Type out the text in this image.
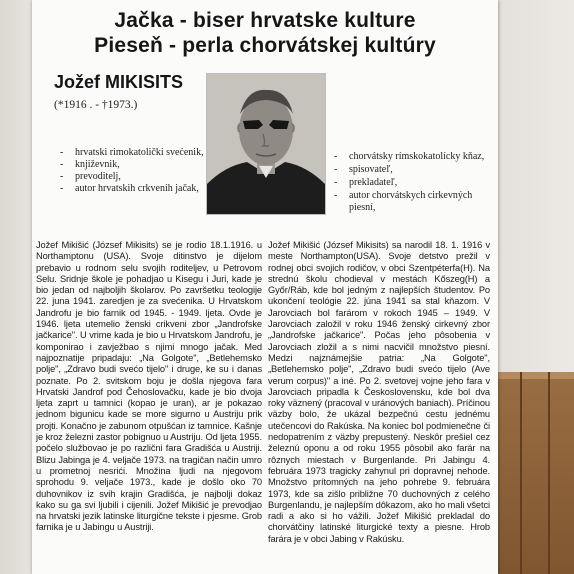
Jačka - biser hrvatske kulture
Pieseň - perla chorvátskej kultúry
Jožef MIKISITS
(*1916 . - †1973.)
- hrvatski rimokatolički svećenik,
- književnik,
- prevoditelj,
- autor hrvatskih crkvenih jačak,
- chorvátsky rímskokatolícky kňaz,
- spisovateľ,
- prekladateľ,
- autor chorvátskych cirkevných piesní,
Jožef Mikišić (József Mikisits) se je rodio 18.1.1916. u Northamptonu (USA). Svoje ditinstvo je dijelom prebavio u rodnom selu svojih roditeljev, u Petrovom Selu. Sridnje škole je pohadjao u Kisegu i Juri, kade je bio jedan od najboljih školarov. Po završetku teologije 22. juna 1941. zaredjen je za svećenika. U Hrvatskom Jandrofu je bio farnik od 1945. - 1949. ljeta. Ovde je 1946. ljeta utemelio ženski crikveni zbor „Jandrofske jačkarice". U vrime kada je bio u Hrvatskom Jandrofu, je komponirao i zavježbao s njimi mnogo jačak. Med najpoznatije pripadaju: „Na Golgote", „Betlehemsko polje", „Zdravo budi svećo tijelo" i druge, ke su i danas poznate. Po 2. svitskom boju je došla njegova fara Hrvatski Jandrof pod Čehoslovačku, kade je bio dvoja ljeta zaprt u tamnici (kopao je uran), ar je pokazao jednom bigunicu kade se more sigurno u Austriju prik projti. Konačno je zabunom otpušćan iz tamnice. Kašnje je kroz železni zastor pobignuo u Austriju. Od ljeta 1955. počelo službovao je po različni fara Gradišća u Austriji. Blizu Jabinga je 4. veljače 1973. na tragičan način umro u prometnoj nesrići. Množina ljudi na njegovom sprohodu 9. veljače 1973., kade je došlo oko 70 duhovnikov iz svih krajin Gradišća, je najbolji dokaz kako su ga svi ljubili i cijenili. Jožef Mikišić je prevodjao na hrvatski jezik latinske liturgične tekste i pjesme. Grob farnika je u Jabingu u Austriji.
Jožef Mikišić (József Mikisits) sa narodil 18. 1. 1916 v meste Northampton(USA). Svoje detstvo prežil v rodnej obci svojich rodičov, v obci Szentpéterfa(H). Na strednú školu chodieval v mestách Kőszeg(H) a Győr/Ráb, kde bol jedným z najlepších študentov. Po ukončení teológie 22. júna 1941 sa stal kňazom. V Jarovciach bol farárom v rokoch 1945 – 1949. V Jarovciach založil v roku 1946 ženský cirkevný zbor „Jandrofske jačkarice". Počas jeho pôsobenia v Jarovciach zložil a s nimi nacvičil množstvo piesní. Medzi najznámejšie patria: „Na Golgote", „Betlehemsko polje", „Zdravo budi svećo tijelo (Ave verum corpus)" a iné. Po 2. svetovej vojne jeho fara v Jarovciach pripadla k Československu, kde bol dva roky väznený (pracoval v uránových baniach). Príčinou väzby bolo, že ukázal bezpečnú cestu jednému utečencovi do Rakúska. Na koniec bol podmienečne či nedopatrením z väzby prepustený. Neskôr prešiel cez železnú oponu a od roku 1955 pôsobil ako farár na rôznych miestach v Burgenlande. Pri Jabingu 4. februára 1973 tragicky zahynul pri dopravnej nehode. Množstvo prítomných na jeho pohrebe 9. februára 1973, kde sa zišlo približne 70 duchovných z celého Burgenlandu, je najlepším dôkazom, ako ho mali všetci radi a ako si ho vážili. Jožef Mikišić prekladal do chorvátčiny latinské liturgické texty a piesne. Hrob farára je v obci Jabing v Rakúsku.
